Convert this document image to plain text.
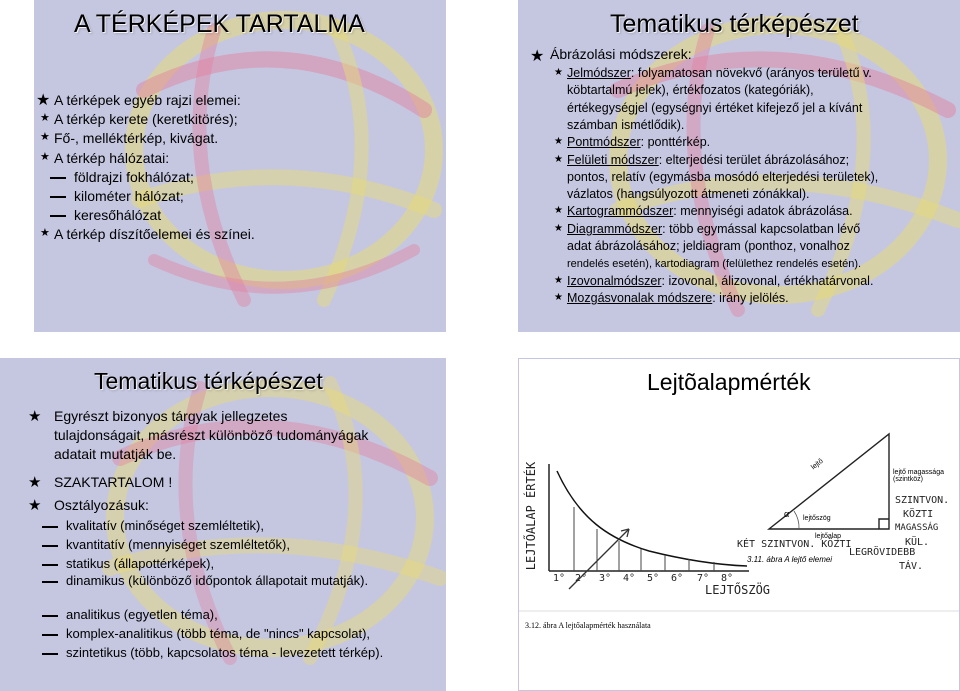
A TÉRKÉPEK TARTALMA
★ A térképek egyéb rajzi elemei:
★ A térkép kerete (keretkitörés);
★ Fő-, melléktérkép, kivágat.
★ A térkép hálózatai:
földrajzi fokhálózat;
kilométer hálózat;
keresőhálózat
★ A térkép díszítőelemei és színei.
Tematikus térképészet
★ Ábrázolási módszerek:
★ Jelmódszer: folyamatosan növekvő (arányos területű v.
köbtartalmú jelek), értékfozatos (kategóriák),
értékegységjel (egységnyi értéket kifejező jel a kívánt
számban ismétlődik).
★ Pontmódszer: ponttérkép.
★ Felületi módszer: elterjedési terület ábrázolásához;
pontos, relatív (egymásba mosódó elterjedési területek),
vázlatos (hangsúlyozott átmeneti zónákkal).
★ Kartogrammódszer: mennyiségi adatok ábrázolása.
★ Diagrammódszer: több egymással kapcsolatban lévő
adat ábrázolásához; jeldiagram (ponthoz, vonalhoz
rendelés esetén), kartodiagram (felülethez rendelés esetén).
★ Izovonalmódszer: izovonal, álizovonal, értékhatárvonal.
★ Mozgásvonalak módszere: irány jelölés.
Tematikus térképészet
★ Egyrészt bizonyos tárgyak jellegzetes
tulajdonságait, másrészt különböző tudományágak
adatait mutatják be.
★ SZAKTARTALOM !
★ Osztályozásuk:
kvalitatív (minőséget szemléltetik),
kvantitatív (mennyiséget szemléltetők),
statikus (állapottérképek),
dinamikus (különböző időpontok állapotait mutatják).
analitikus (egyetlen téma),
komplex-analitikus (több téma, de "nincs" kapcsolat),
szintetikus (több, kapcsolatos téma - levezetett térkép).
Lejtõalapmérték
LEJTŐALAP ÉRTÉK
1° 2° 3° 4° 5° 6° 7° 8°
LEJTŐSZÖG
lejtő
lejtő magassága (szintköz)
lejtőszög
α
lejtőalap
SZINTVON.
KÖZTI
MAGASSÁG
KÜL.
KÉT SZINTVON. KÖZTI
LEGRÖVIDEBB
TÁV.
3.11. ábra A lejtő elemei
3.12. ábra A lejtőalapmérték használata
